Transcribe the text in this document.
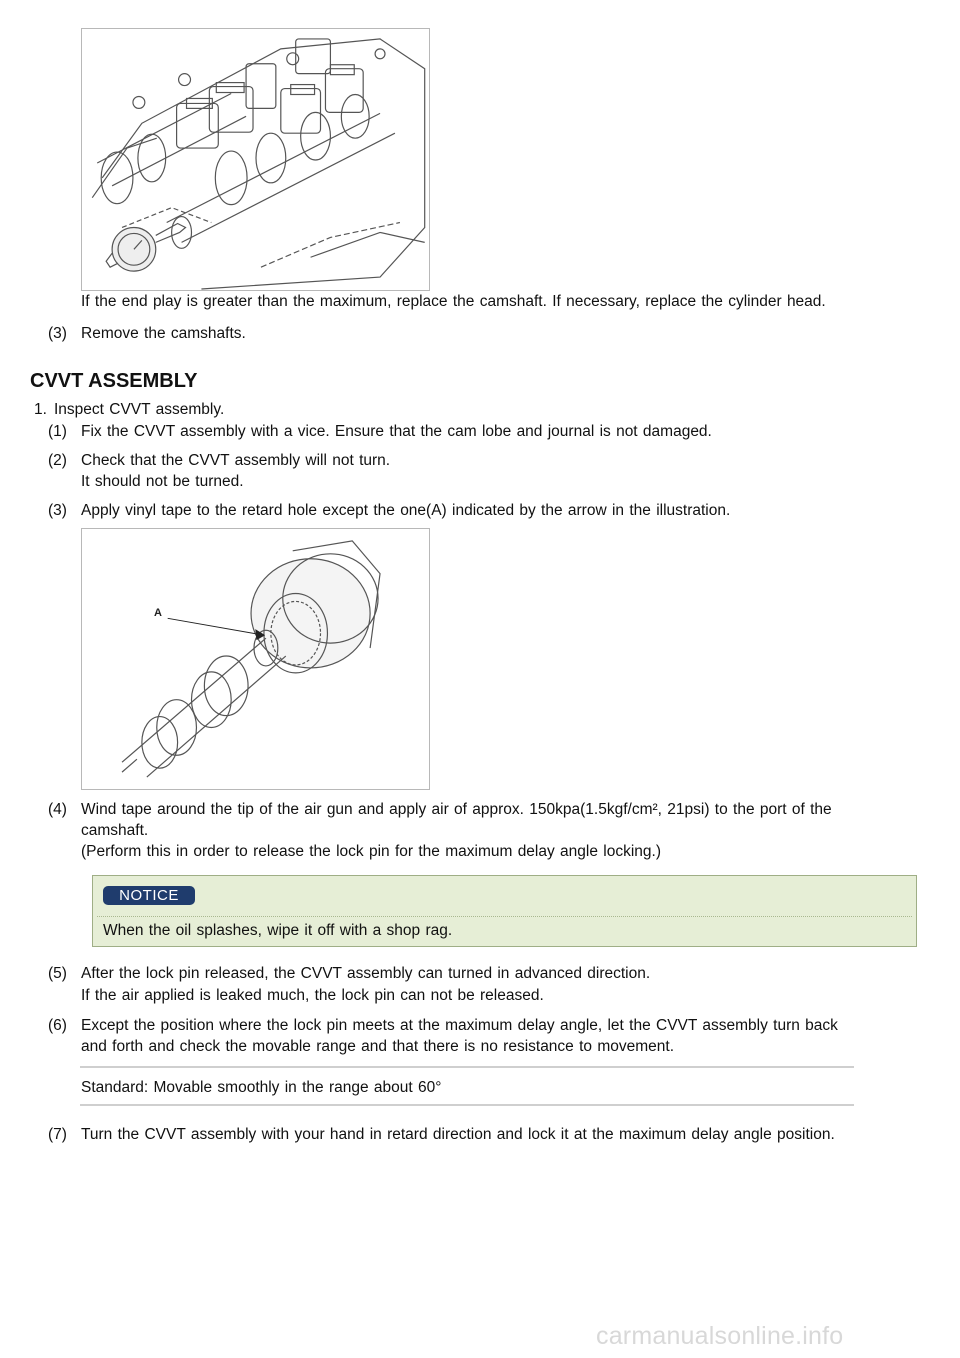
If the end play is greater than the maximum, replace the camshaft. If necessary, replace the cylinder head.
(3) Remove the camshafts.
CVVT ASSEMBLY
1. Inspect CVVT assembly.
(1) Fix the CVVT assembly with a vice. Ensure that the cam lobe and journal is not damaged.
(2) Check that the CVVT assembly will not turn.
It should not be turned.
(3) Apply vinyl tape to the retard hole except the one(A) indicated by the arrow in the illustration.
A
(4) Wind tape around the tip of the air gun and apply air of approx. 150kpa(1.5kgf/cm², 21psi) to the port of the
camshaft.
(Perform this in order to release the lock pin for the maximum delay angle locking.)
NOTICE
When the oil splashes, wipe it off with a shop rag.
(5) After the lock pin released, the CVVT assembly can turned in advanced direction.
If the air applied is leaked much, the lock pin can not be released.
(6) Except the position where the lock pin meets at the maximum delay angle, let the CVVT assembly turn back
and forth and check the movable range and that there is no resistance to movement.
Standard: Movable smoothly in the range about 60°
(7) Turn the CVVT assembly with your hand in retard direction and lock it at the maximum delay angle position.
carmanualsonline.info
